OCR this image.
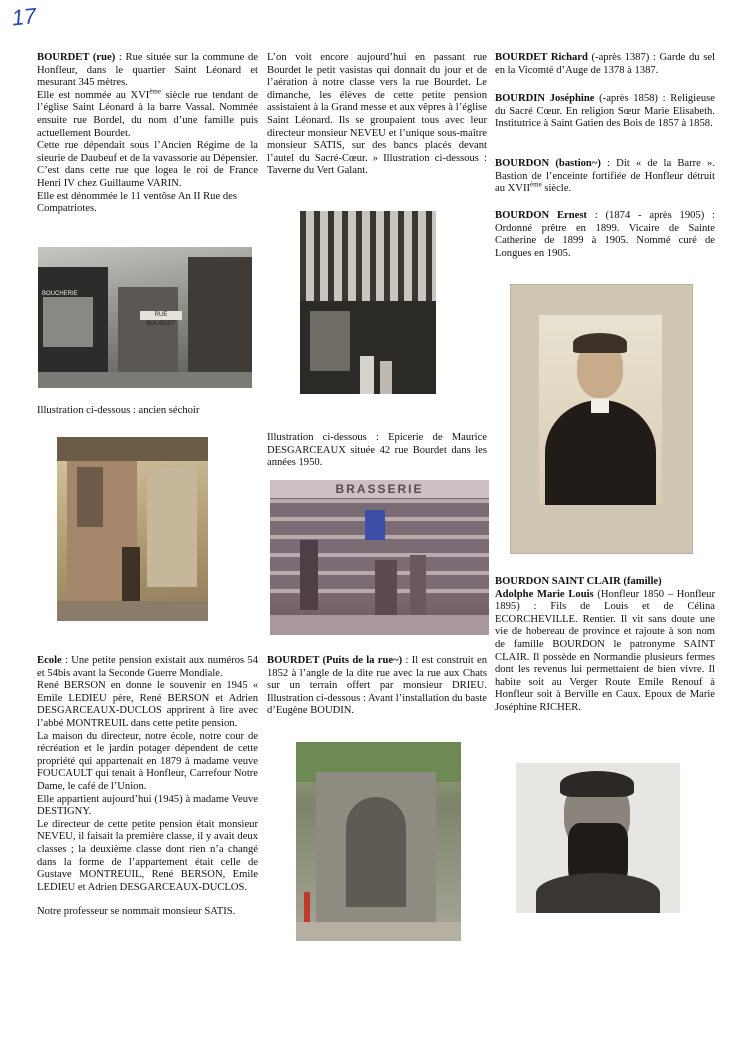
17

BOURDET (rue) : Rue située sur la commune de Honfleur, dans le quartier Saint Léonard et mesurant 345 mètres.

Elle est nommée au XVIème siècle rue tendant de l’église Saint Léonard à la barre Vassal. Nommée ensuite rue Bordel, du nom d’une famille puis actuellement Bourdet.

Cette rue dépendait sous l’Ancien Régime de la sieurie de Daubeuf et de la vavassorie au Dépensier.

C’est dans cette rue que logea le roi de France Henri IV chez Guillaume VARIN.

Elle est dénommée le 11 ventôse An II Rue des Compatriotes.

RUE BOURDET
BOUCHERIE
Illustration ci-dessous : ancien séchoir

Ecole : Une petite pension existait aux numéros 54 et 54bis avant la Seconde Guerre Mondiale.

René BERSON en donne le souvenir en 1945 « Emile LEDIEU père, René BERSON et Adrien DESGARCEAUX-DUCLOS apprirent à lire avec l’abbé MONTREUIL dans cette petite pension.

La maison du directeur, notre école, notre cour de récréation et le jardin potager dépendent de cette propriété qui appartenait en 1879 à madame veuve FOUCAULT qui tenait à Honfleur, Carrefour Notre Dame, le café de l’Union.

Elle appartient aujourd’hui (1945) à madame Veuve DESTIGNY.

Le directeur de cette petite pension était monsieur NEVEU, il faisait la première classe, il y avait deux classes ; la deuxième classe dont rien n’a changé dans la forme de l’appartement était celle de Gustave MONTREUIL, René BERSON, Emile LEDIEU et Adrien DESGARCEAUX-DUCLOS.

Notre professeur se nommait monsieur SATIS.

L’on voit encore aujourd’hui en passant rue Bourdet le petit vasistas qui donnait du jour et de l’aération à notre classe vers la rue Bourdet. Le dimanche, les élèves de cette petite pension assistaient à la Grand messe et aux vêpres à l’église Saint Léonard. Ils se groupaient tous avec leur directeur monsieur NEVEU et l’unique sous-maître monsieur SATIS, sur des bancs placés devant l’autel du Sacré-Cœur. » Illustration ci-dessous : Taverne du Vert Galant.

Illustration ci-dessous : Epicerie de Maurice DESGARCEAUX située 42 rue Bourdet dans les années 1950.
BRASSERIE

BOURDET (Puits de la rue~) : Il est construit en 1852 à l’angle de la dite rue avec la rue aux Chats sur un terrain offert par monsieur DRIEU. Illustration ci-dessous : Avant l’installation du baste d’Eugène BOUDIN.

BOURDET Richard (-après 1387) : Garde du sel en la Vicomté d’Auge de 1378 à 1387.

BOURDIN Joséphine (-après 1858) : Religieuse du Sacré Cœur. En religion Sœur Marie Elisabeth. Institutrice à Saint Gatien des Bois de 1857 à 1858.

BOURDON (bastion~) : Dit « de la Barre ». Bastion de l’enceinte fortifiée de Honfleur détruit au XVIIème siècle.

BOURDON Ernest : (1874 - après 1905) : Ordonné prêtre en 1899. Vicaire de Sainte Catherine de 1899 à 1905. Nommé curé de Longues en 1905.

BOURDON SAINT CLAIR (famille)

Adolphe Marie Louis (Honfleur 1850 – Honfleur 1895) : Fils de Louis et de Célina ECORCHEVILLE. Rentier. Il vit sans doute une vie de hobereau de province et rajoute à son nom de famille BOURDON le patronyme SAINT CLAIR. Il possède en Normandie plusieurs fermes dont les revenus lui permettaient de bien vivre. Il habite soit au Verger Route Emile Renouf à Honfleur soit à Berville en Caux. Epoux de Marie Joséphine RICHER.
